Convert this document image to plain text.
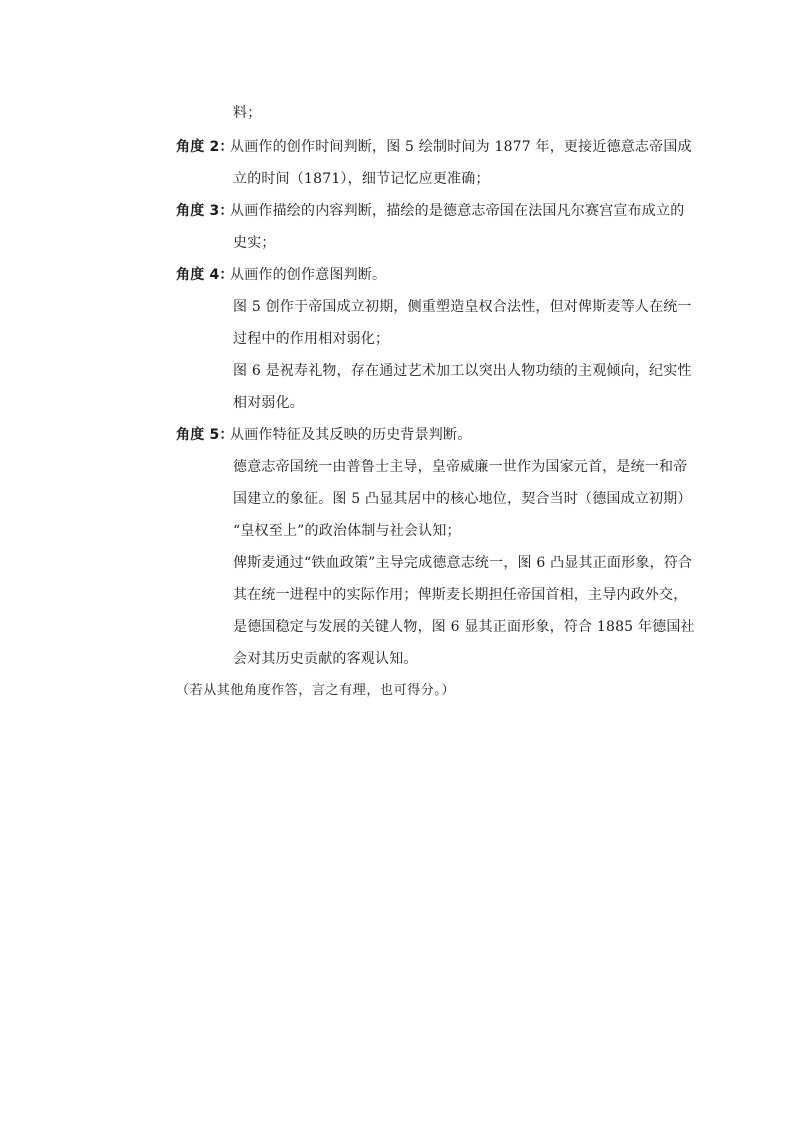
料；
角度 2：
从画作的创作时间判断，图 5 绘制时间为 1877 年，更接近德意志帝国成
立的时间（1871），细节记忆应更准确；
角度 3：
从画作描绘的内容判断，描绘的是德意志帝国在法国凡尔赛宫宣布成立的
史实；
角度 4：
从画作的创作意图判断。
图 5 创作于帝国成立初期，侧重塑造皇权合法性，但对俾斯麦等人在统一
过程中的作用相对弱化；
图 6 是祝寿礼物，存在通过艺术加工以突出人物功绩的主观倾向，纪实性
相对弱化。
角度 5：
从画作特征及其反映的历史背景判断。
德意志帝国统一由普鲁士主导，皇帝威廉一世作为国家元首，是统一和帝
国建立的象征。图 5 凸显其居中的核心地位，契合当时（德国成立初期）
“皇权至上”的政治体制与社会认知；
俾斯麦通过“铁血政策”主导完成德意志统一，图 6 凸显其正面形象，符合
其在统一进程中的实际作用；俾斯麦长期担任帝国首相，主导内政外交，
是德国稳定与发展的关键人物，图 6 显其正面形象，符合 1885 年德国社
会对其历史贡献的客观认知。
（若从其他角度作答，言之有理，也可得分。）
